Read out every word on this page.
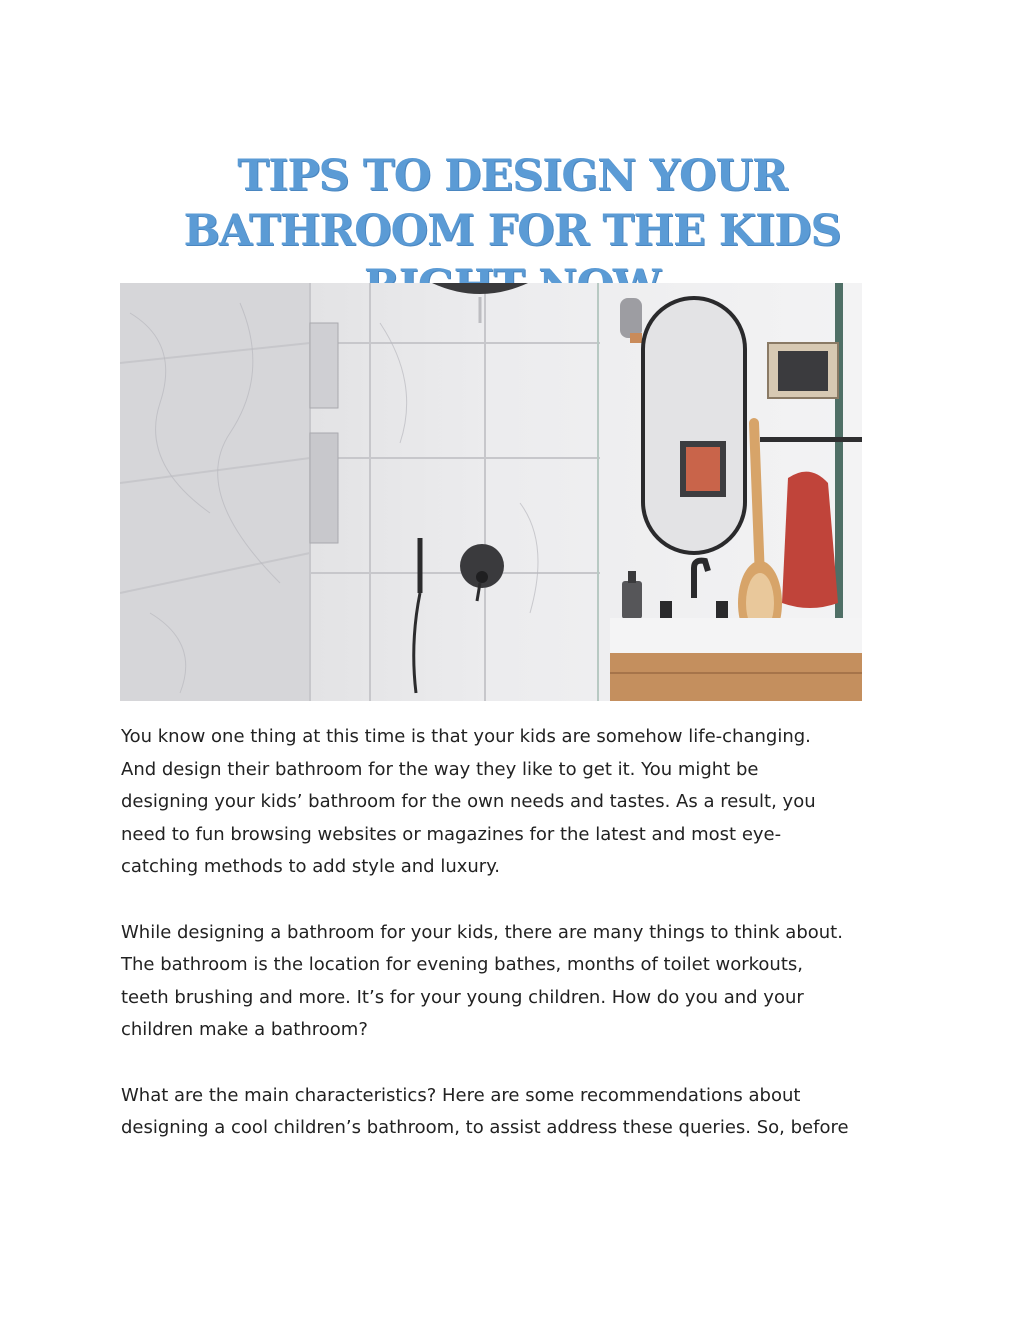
TIPS TO DESIGN YOUR
BATHROOM FOR THE KIDS

You know one thing at this time is that your kids are somehow life-changing.
And design their bathroom for the way they like to get it. You might be
designing your kids’ bathroom for the own needs and tastes. As a result, you
need to fun browsing websites or magazines for the latest and most eye-
catching methods to add style and luxury.

While designing a bathroom for your kids, there are many things to think about.
The bathroom is the location for evening bathes, months of toilet workouts,
teeth brushing and more. It’s for your young children. How do you and your
children make a bathroom?

What are the main characteristics? Here are some recommendations about
designing a cool children’s bathroom, to assist address these queries. So, before
